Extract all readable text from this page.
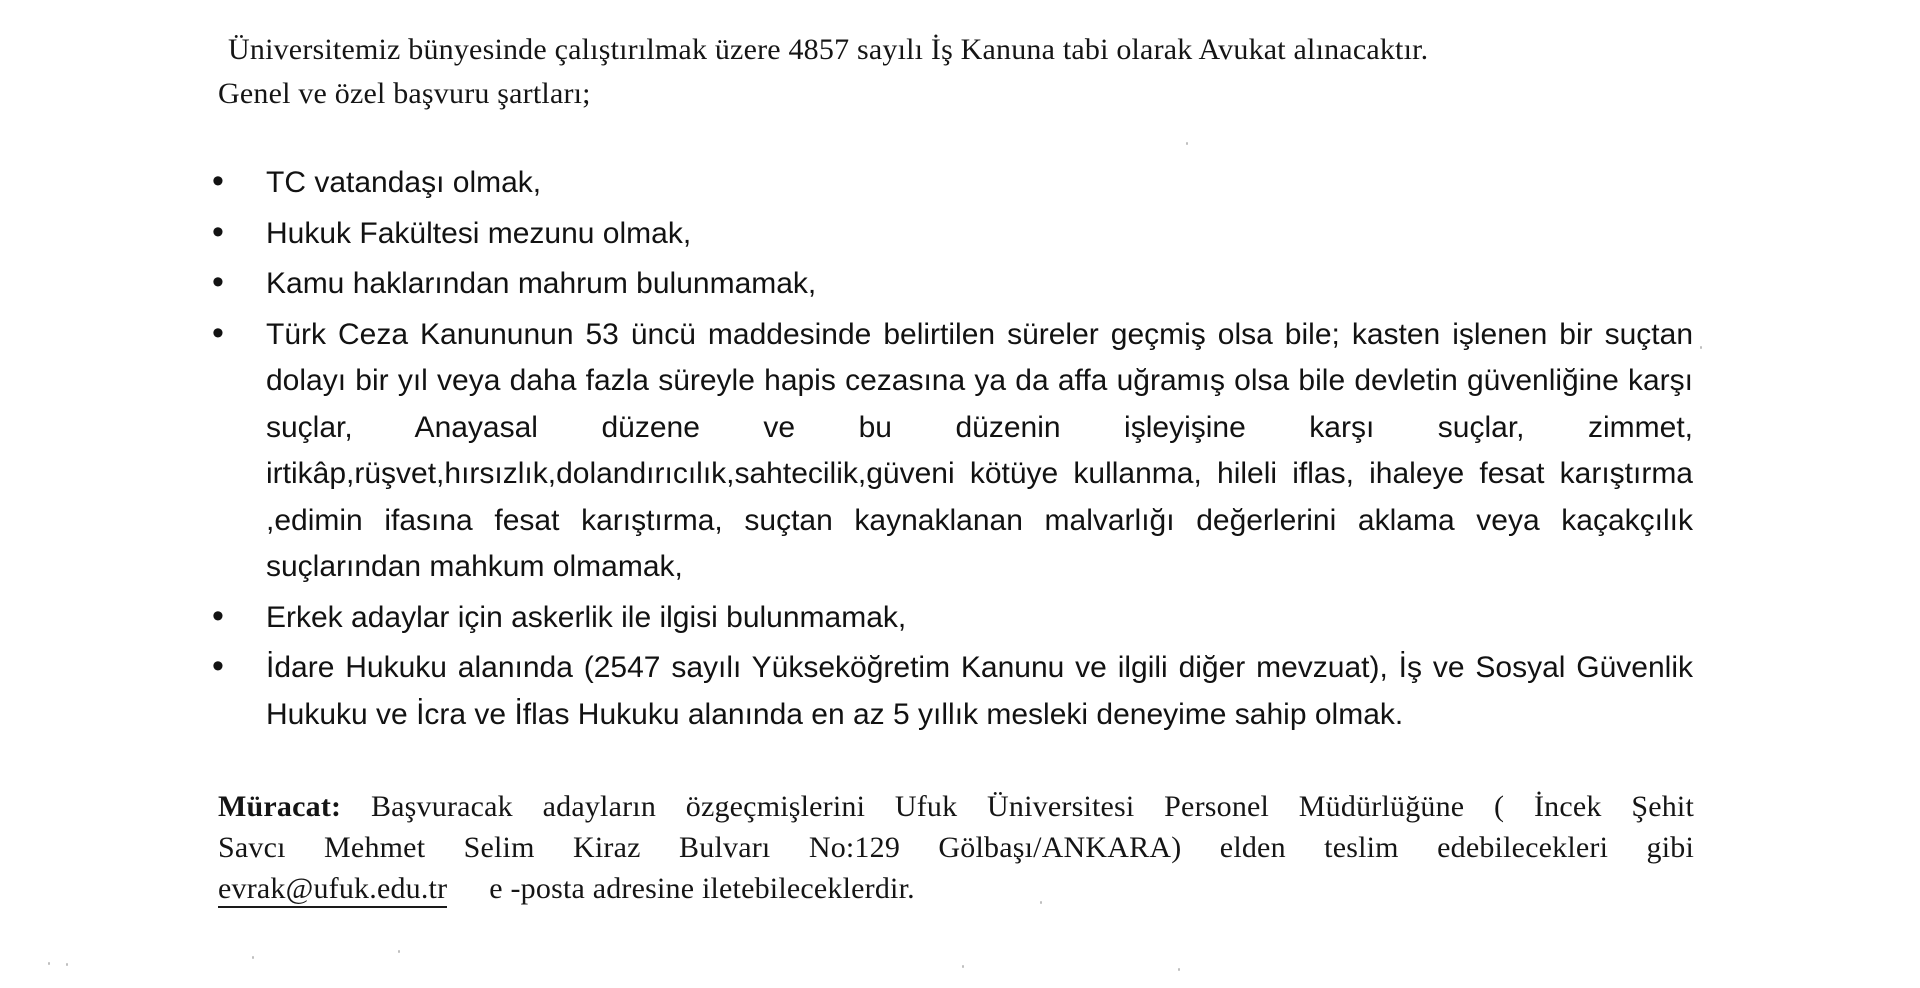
Üniversitemiz bünyesinde çalıştırılmak üzere 4857 sayılı İş Kanuna tabi olarak Avukat alınacaktır.
Genel ve özel başvuru şartları;
• TC vatandaşı olmak,
• Hukuk Fakültesi mezunu olmak,
• Kamu haklarından mahrum bulunmamak,
• Türk Ceza Kanununun 53 üncü maddesinde belirtilen süreler geçmiş olsa bile; kasten işlenen bir suçtan dolayı bir yıl veya daha fazla süreyle hapis cezasına ya da affa uğramış olsa bile devletin güvenliğine karşı suçlar, Anayasal düzene ve bu düzenin işleyişine karşı suçlar, zimmet, irtikâp,rüşvet,hırsızlık,dolandırıcılık,sahtecilik,güveni kötüye kullanma, hileli iflas, ihaleye fesat karıştırma ,edimin ifasına fesat karıştırma, suçtan kaynaklanan malvarlığı değerlerini aklama veya kaçakçılık suçlarından mahkum olmamak,
• Erkek adaylar için askerlik ile ilgisi bulunmamak,
• İdare Hukuku alanında (2547 sayılı Yükseköğretim Kanunu ve ilgili diğer mevzuat), İş ve Sosyal Güvenlik Hukuku ve İcra ve İflas Hukuku alanında en az 5 yıllık mesleki deneyime sahip olmak.
Müracat: Başvuracak adayların özgeçmişlerini Ufuk Üniversitesi Personel Müdürlüğüne ( İncek Şehit
Savcı Mehmet Selim Kiraz Bulvarı No:129 Gölbaşı/ANKARA) elden teslim edebilecekleri gibi
evrak@ufuk.edu.tr e -posta adresine iletebileceklerdir.
